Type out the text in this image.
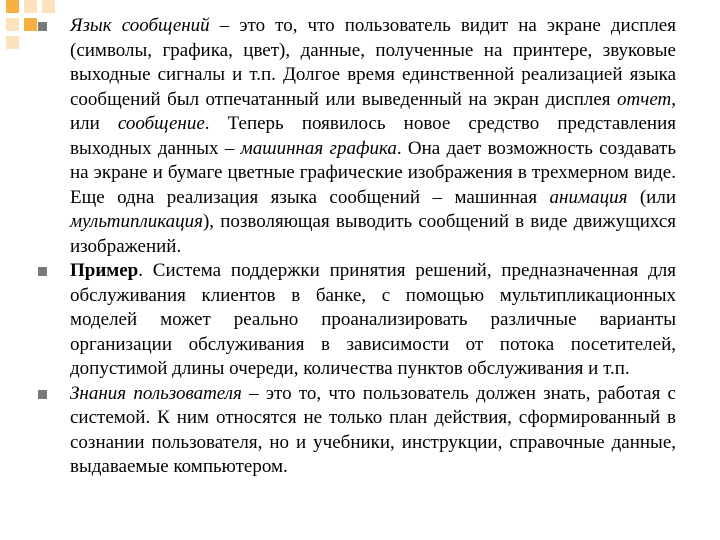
Язык сообщений – это то, что пользователь видит на экране дисплея (символы, графика, цвет), данные, полученные на принтере, звуковые выходные сигналы и т.п. Долгое время единственной реализацией языка сообщений был отпечатанный или выведенный на экран дисплея отчет, или сообщение. Теперь появилось новое средство представления выходных данных – машинная графика. Она дает возможность создавать на экране и бумаге цветные графические изображения в трехмерном виде. Еще одна реализация языка сообщений – машинная анимация (или мультипликация), позволяющая выводить сообщений в виде движущихся изображений.
Пример. Система поддержки принятия решений, предназначенная для обслуживания клиентов в банке, с помощью мультипликационных моделей может реально проанализировать различные варианты организации обслуживания в зависимости от потока посетителей, допустимой длины очереди, количества пунктов обслуживания и т.п.
Знания пользователя – это то, что пользователь должен знать, работая с системой. К ним относятся не только план действия, сформированный в сознании пользователя, но и учебники, инструкции, справочные данные, выдаваемые компьютером.
